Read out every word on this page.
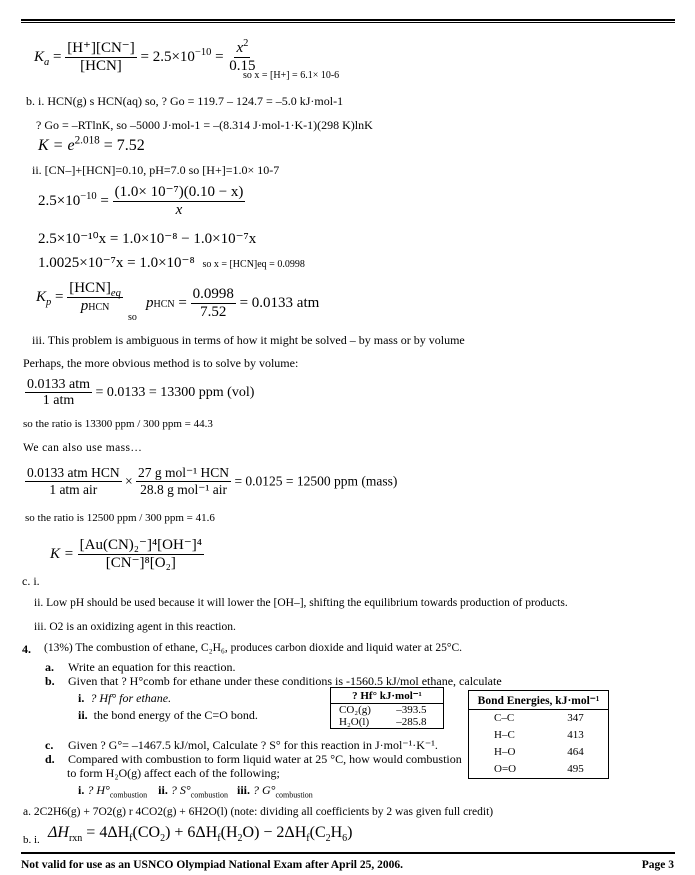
$K_a = \frac{[H^+][CN^-]}{\text{[HCN]}} = 2.5\times 10^{-10} = \frac{x^2}{0.15}$
so x = [H+] = 6.1× 10-6
b. i. HCN(g) s HCN(aq) so, ? Go = 119.7 – 124.7 = –5.0 kJ·mol-1
? Go = –RTlnK, so –5000 J·mol-1 = –(8.314 J·mol-1·K-1)(298 K)lnK
$K = e^{2.018} = 7.52$
ii. [CN–]+[HCN]=0.10, pH=7.0 so [H+]=1.0× 10-7
$2.5\times 10^{-10} = \frac{\text{(1.0× 10⁻⁷)(0.10 − x)}}{x}$
2.5×10⁻¹⁰x = 1.0×10⁻⁸ − 1.0×10⁻⁷x
1.0025×10⁻⁷x = 1.0×10⁻⁸ so x = [HCN]eq = 0.0998
$K_p = \frac{[HCN]_{eq}}{\text{pHCN}}$
so
pHCN = $\frac{0.0998}{7.52} = 0.0133$ atm
iii. This problem is ambiguous in terms of how it might be solved – by mass or by volume
Perhaps, the more obvious method is to solve by volume:
$\frac{\text{0.0133 atm}}{\text{1 atm}} = 0.0133 = 13300$ ppm (vol)
so the ratio is 13300 ppm / 300 ppm = 44.3
We can also use mass…
$\frac{\text{0.0133 atm HCN}}{\text{1 atm air}} \times \frac{\text{27 g mol⁻¹ HCN}}{\text{28.8 g mol⁻¹ air}} = 0.0125 = 12500$ ppm (mass)
so the ratio is 12500 ppm / 300 ppm = 41.6
$K = \frac{\text{[Au(CN)₂⁻]⁴[OH⁻]⁴}}{\text{[CN⁻]⁸[O₂]}}$
c. i.
ii. Low pH should be used because it will lower the [OH–], shifting the equilibrium towards production of products.
iii. O2 is an oxidizing agent in this reaction.
4. (13%) The combustion of ethane, C₂H₆, produces carbon dioxide and liquid water at 25°C.
a. Write an equation for this reaction.
b. Given that ? H°comb for ethane under these conditions is -1560.5 kJ/mol ethane, calculate
i. ? Hf° for ethane.
ii. the bond energy of the C=O bond.
? Hf° kJ·mol⁻¹	
CO₂(g)	–393.5
H₂O(l)	–285.8
Bond Energies, kJ·mol⁻¹	
C–C	347
H–C	413
H–O	464
O=O	495
c. Given ? G°= –1467.5 kJ/mol, Calculate ? S° for this reaction in J·mol⁻¹·K⁻¹.
d. Compared with combustion to form liquid water at 25 °C, how would combustion
to form H₂O(g) affect each of the following;
i. ? $H^\circ_{combustion}$ ii. ? $S^\circ_{combustion}$ iii. ? $G^\circ_{combustion}$
a. 2C2H6(g) + 7O2(g) r 4CO2(g) + 6H2O(l) (note: dividing all coefficients by 2 was given full credit)
b. i. $\Delta H_{rxn} = 4\Delta H_f(CO_2) + 6\Delta H_f(H_2O) - 2\Delta H_f(C_2H_6)$
Not valid for use as an USNCO Olympiad National Exam after April 25, 2006.	Page 3
